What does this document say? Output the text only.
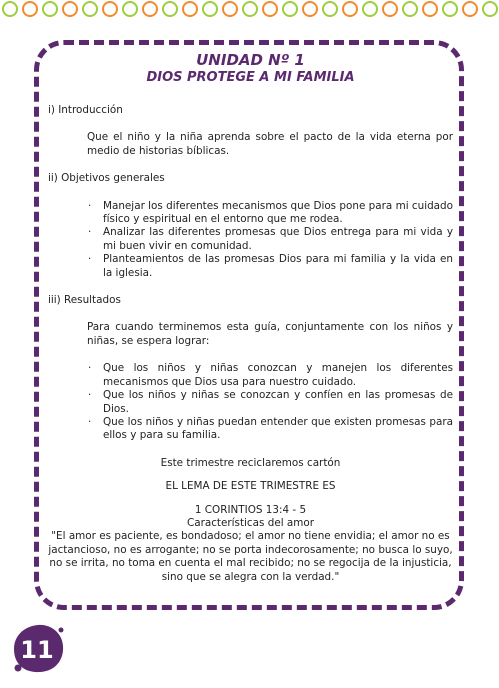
UNIDAD Nº 1

DIOS PROTEGE A MI FAMILIA

i) Introducción

Que el niño y la niña aprenda sobre el pacto de la vida eterna por medio de historias bíblicas.

ii) Objetivos generales

· Manejar los diferentes mecanismos que Dios pone para mi cuidado físico y espiritual en el entorno que me rodea.
· Analizar las diferentes promesas que Dios entrega para mi vida y mi buen vivir en comunidad.
· Planteamientos de las promesas Dios para mi familia y la vida en la iglesia.

iii) Resultados

Para cuando terminemos esta guía, conjuntamente con los niños y niñas, se espera lograr:

· Que los niños y niñas conozcan y manejen los diferentes mecanismos que Dios usa para nuestro cuidado.
· Que los niños y niñas se conozcan y confíen en las promesas de Dios.
· Que los niños y niñas puedan entender que existen promesas para ellos y para su familia.

Este trimestre reciclaremos cartón

EL LEMA DE ESTE TRIMESTRE ES

1 CORINTIOS 13:4 - 5

Características del amor

"El amor es paciente, es bondadoso; el amor no tiene envidia; el amor no es jactancioso, no es arrogante; no se porta indecorosamente; no busca lo suyo, no se irrita, no toma en cuenta el mal recibido; no se regocija de la injusticia, sino que se alegra con la verdad."

11
